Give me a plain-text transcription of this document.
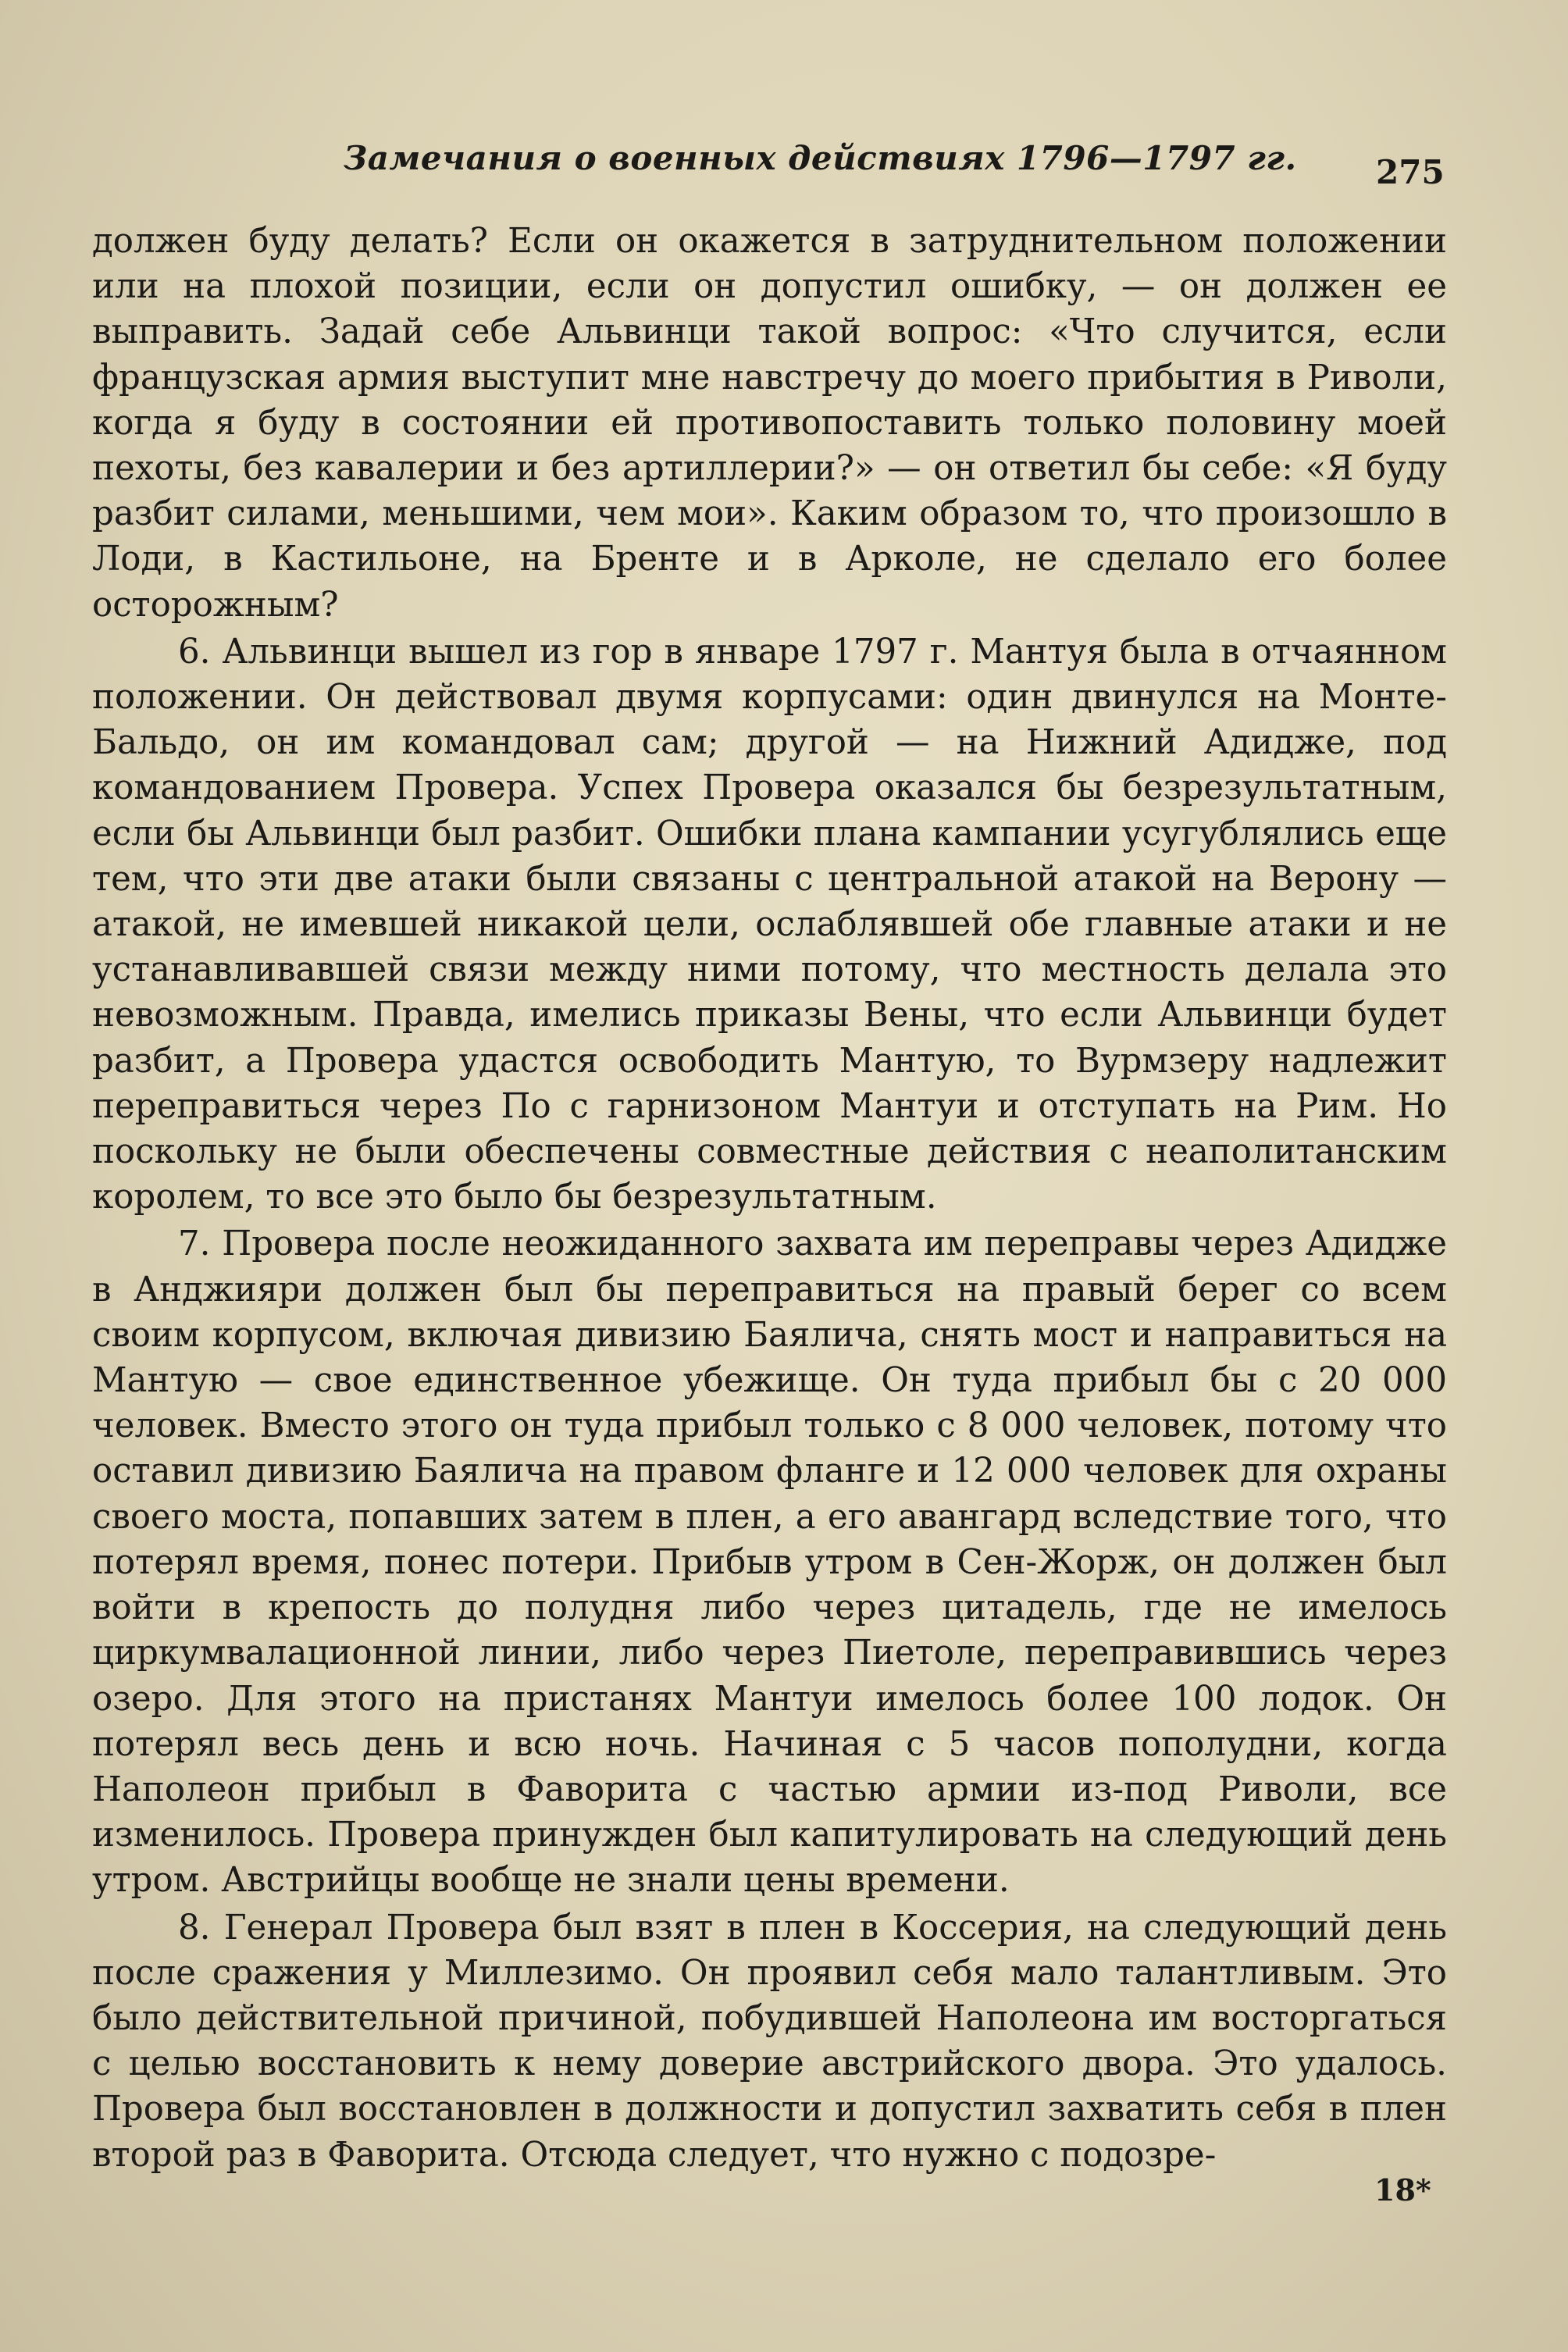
Замечания о военных действиях 1796—1797 гг. 275

должен буду делать? Если он окажется в затруднительном положении или на плохой позиции, если он допустил ошибку, — он должен ее выправить. Задай себе Альвинци такой вопрос: «Что случится, если французская армия выступит мне навстречу до моего прибытия в Риволи, когда я буду в состоянии ей противопоставить только половину моей пехоты, без кавалерии и без артиллерии?» — он ответил бы себе: «Я буду разбит силами, меньшими, чем мои». Каким образом то, что произошло в Лоди, в Кастильоне, на Бренте и в Арколе, не сделало его более осторожным?

6. Альвинци вышел из гор в январе 1797 г. Мантуя была в отчаянном положении. Он действовал двумя корпусами: один двинулся на Монте-Бальдо, он им командовал сам; другой — на Нижний Адидже, под командованием Провера. Успех Провера оказался бы безрезультатным, если бы Альвинци был разбит. Ошибки плана кампании усугублялись еще тем, что эти две атаки были связаны с центральной атакой на Верону — атакой, не имевшей никакой цели, ослаблявшей обе главные атаки и не устанавливавшей связи между ними потому, что местность делала это невозможным. Правда, имелись приказы Вены, что если Альвинци будет разбит, а Провера удастся освободить Мантую, то Вурмзеру надлежит переправиться через По с гарнизоном Мантуи и отступать на Рим. Но поскольку не были обеспечены совместные действия с неаполитанским королем, то все это было бы безрезультатным.

7. Провера после неожиданного захвата им переправы через Адидже в Анджияри должен был бы переправиться на правый берег со всем своим корпусом, включая дивизию Баялича, снять мост и направиться на Мантую — свое единственное убежище. Он туда прибыл бы с 20 000 человек. Вместо этого он туда прибыл только с 8 000 человек, потому что оставил дивизию Баялича на правом фланге и 12 000 человек для охраны своего моста, попавших затем в плен, а его авангард вследствие того, что потерял время, понес потери. Прибыв утром в Сен-Жорж, он должен был войти в крепость до полудня либо через цитадель, где не имелось циркумвалационной линии, либо через Пиетоле, переправившись через озеро. Для этого на пристанях Мантуи имелось более 100 лодок. Он потерял весь день и всю ночь. Начиная с 5 часов пополудни, когда Наполеон прибыл в Фаворита с частью армии из-под Риволи, все изменилось. Провера принужден был капитулировать на следующий день утром. Австрийцы вообще не знали цены времени.

8. Генерал Провера был взят в плен в Коссерия, на следующий день после сражения у Миллезимо. Он проявил себя мало талантливым. Это было действительной причиной, побудившей Наполеона им восторгаться с целью восстановить к нему доверие австрийского двора. Это удалось. Провера был восстановлен в должности и допустил захватить себя в плен второй раз в Фаворита. Отсюда следует, что нужно с подозре-

18*
